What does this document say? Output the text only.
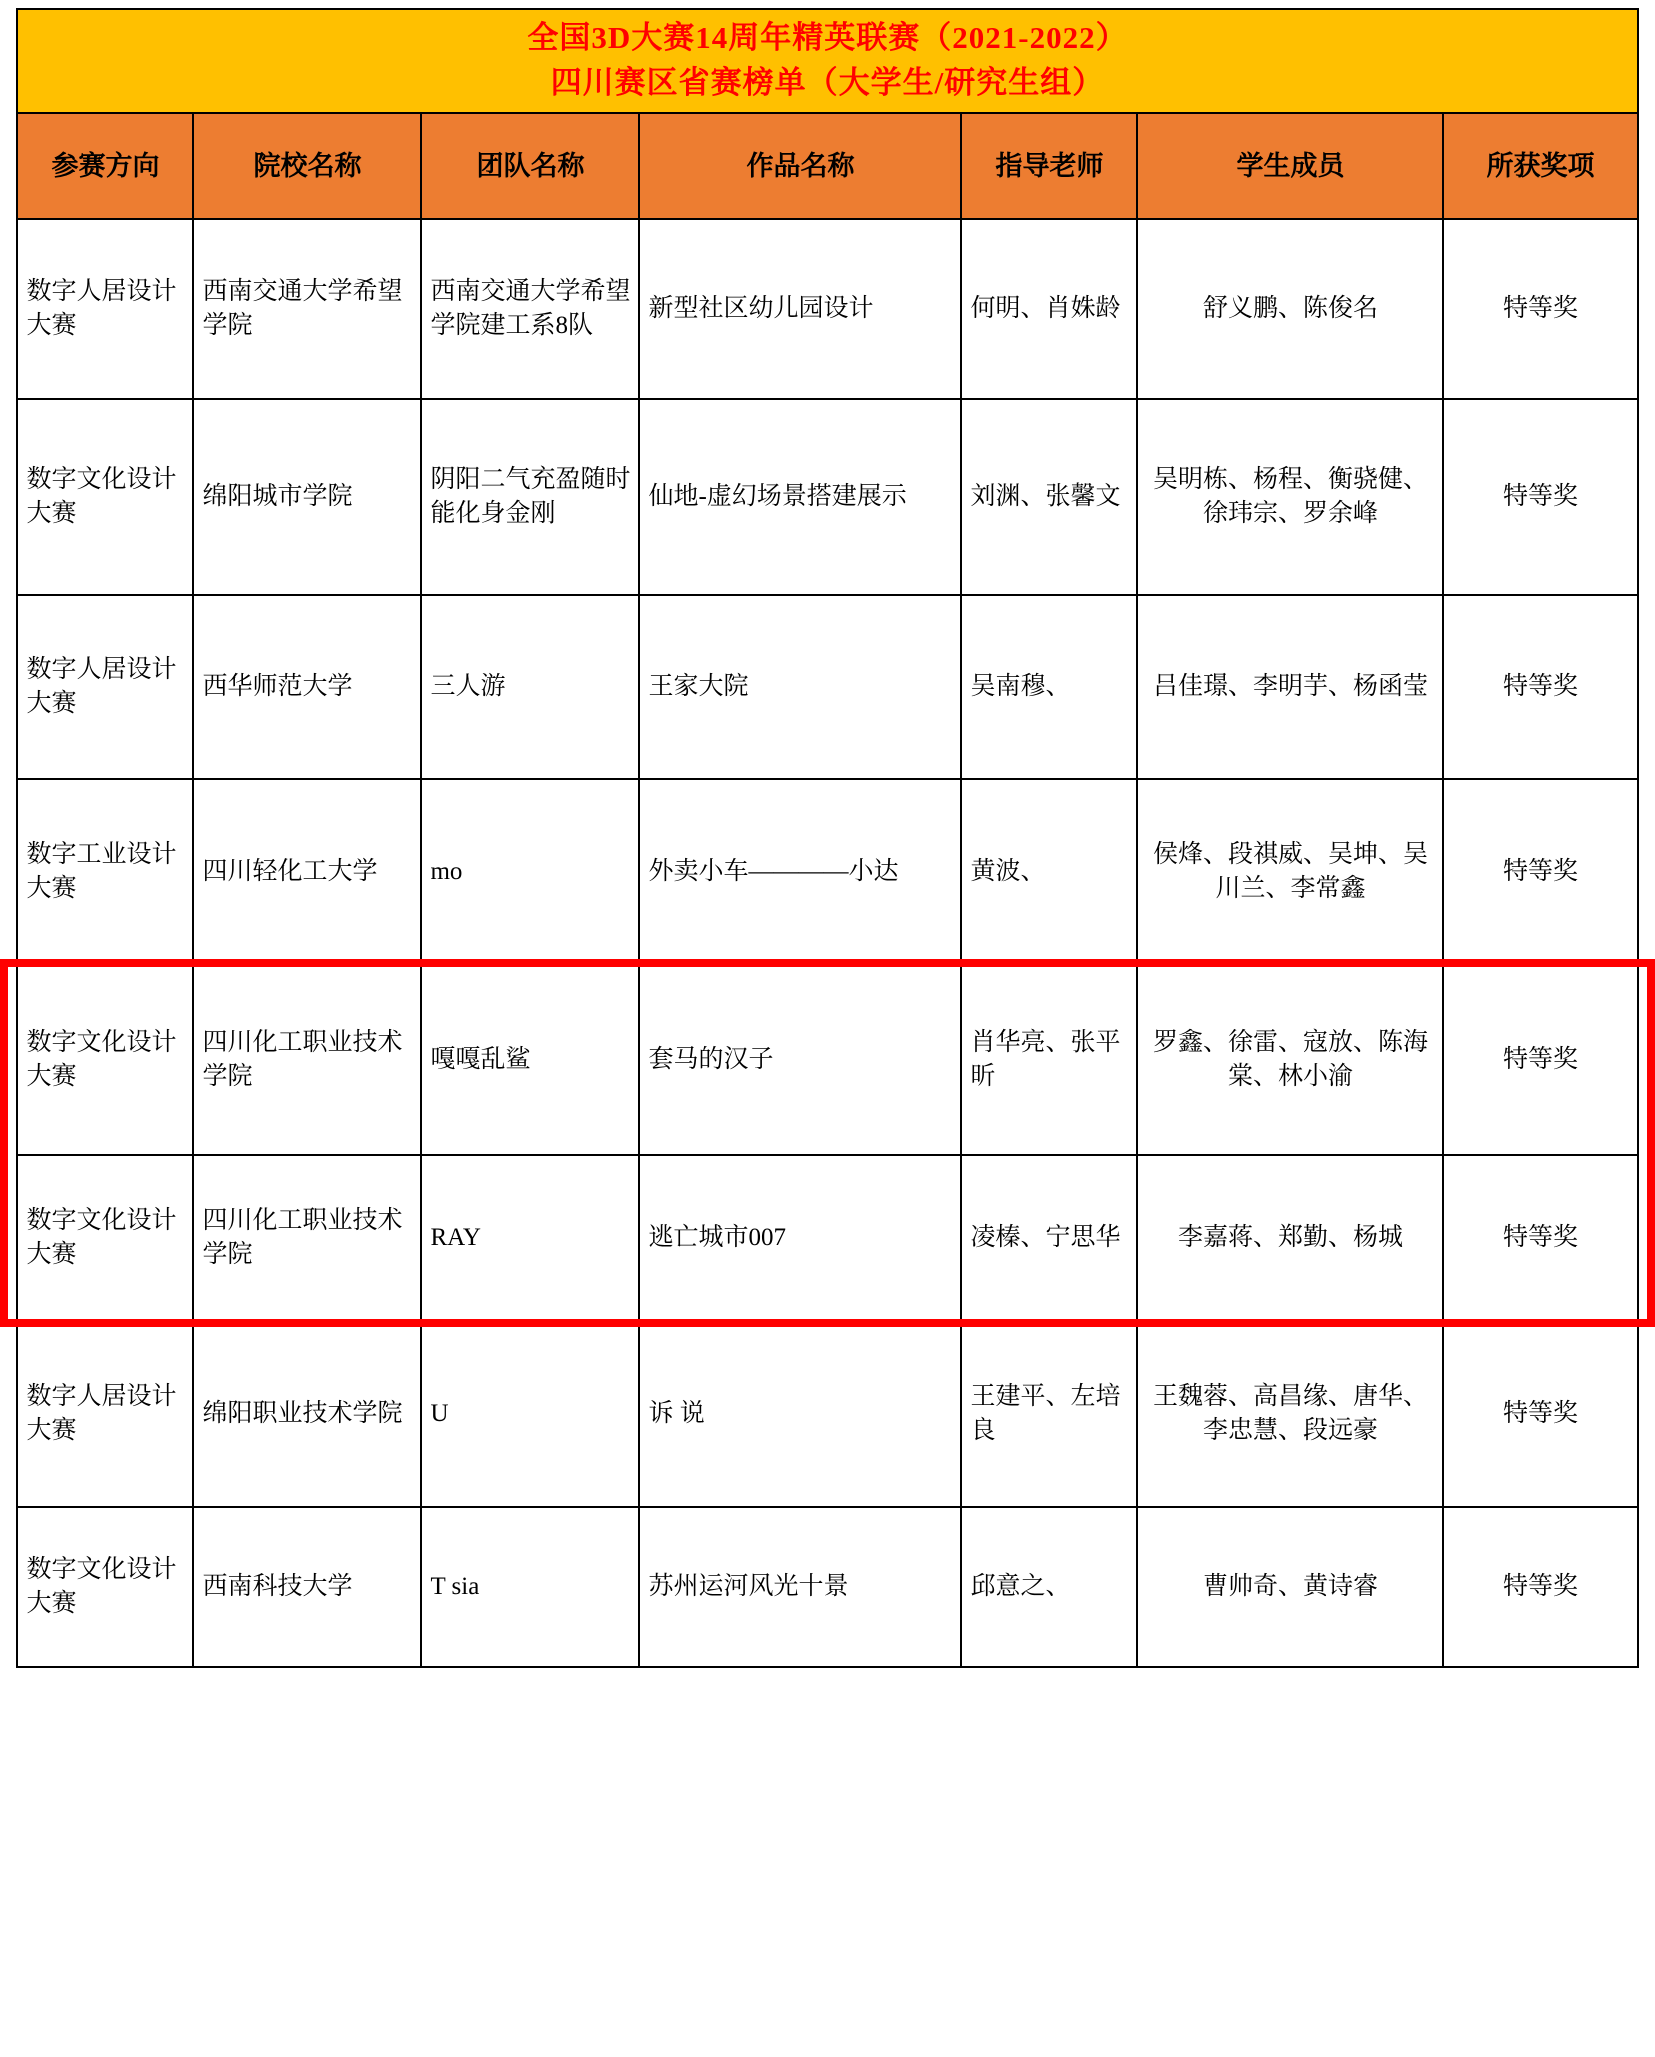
全国3D大赛14周年精英联赛（2021-2022）
四川赛区省赛榜单（大学生/研究生组）						

参赛方向	院校名称	团队名称	作品名称	指导老师	学生成员	所获奖项
数字人居设计大赛	西南交通大学希望学院	西南交通大学希望学院建工系8队	新型社区幼儿园设计	何明、肖姝龄	舒义鹏、陈俊名	特等奖
数字文化设计大赛	绵阳城市学院	阴阳二气充盈随时能化身金刚	仙地-虚幻场景搭建展示	刘渊、张馨文	吴明栋、杨程、衡骁健、徐玮宗、罗余峰	特等奖
数字人居设计大赛	西华师范大学	三人游	王家大院	吴南穆、	吕佳璟、李明芋、杨函莹	特等奖
数字工业设计大赛	四川轻化工大学	mo	外卖小车————小达	黄波、	侯烽、段祺威、吴坤、吴川兰、李常鑫	特等奖
数字文化设计大赛	四川化工职业技术学院	嘎嘎乱鲨	套马的汉子	肖华亮、张平昕	罗鑫、徐雷、寇放、陈海棠、林小渝	特等奖
数字文化设计大赛	四川化工职业技术学院	RAY	逃亡城市007	凌榛、宁思华	李嘉蒋、郑勤、杨城	特等奖
数字人居设计大赛	绵阳职业技术学院	U	诉 说	王建平、左培良	王魏蓉、高昌缘、唐华、李忠慧、段远豪	特等奖
数字文化设计大赛	西南科技大学	T sia	苏州运河风光十景	邱意之、	曹帅奇、黄诗睿	特等奖
